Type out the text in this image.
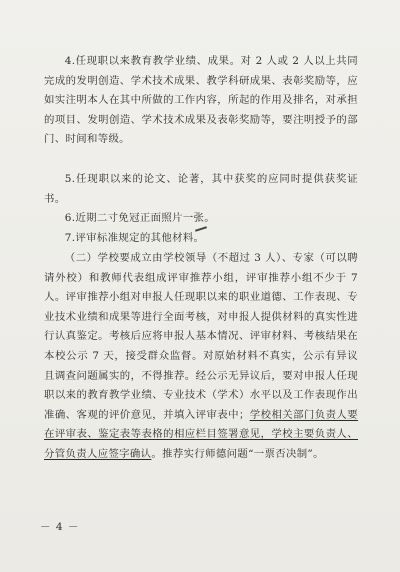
4.任现职以来教育教学业绩、成果。对 2 人或 2 人以上共同完成的发明创造、学术技术成果、教学科研成果、表彰奖励等，应如实注明本人在其中所做的工作内容，所起的作用及排名，对承担的项目、发明创造、学术技术成果及表彰奖励等，要注明授予的部门、时间和等级。

5.任现职以来的论文、论著，其中获奖的应同时提供获奖证书。

6.近期二寸免冠正面照片一张。

7.评审标准规定的其他材料。

（二）学校要成立由学校领导（不超过 3 人）、专家（可以聘请外校）和教师代表组成评审推荐小组，评审推荐小组不少于 7 人。评审推荐小组对申报人任现职以来的职业道德、工作表现、专业技术业绩和成果等进行全面考核，对申报人提供材料的真实性进行认真鉴定。考核后应将申报人基本情况、评审材料、考核结果在本校公示 7 天，接受群众监督。对原始材料不真实，公示有异议且调查问题属实的，不得推荐。经公示无异议后，要对申报人任现职以来的教育教学业绩、专业技术（学术）水平以及工作表现作出准确、客观的评价意见，并填入评审表中；学校相关部门负责人要在评审表、鉴定表等表格的相应栏目签署意见，学校主要负责人、分管负责人应签字确认。推荐实行师德问题“一票否决制”。

－ 4 －
